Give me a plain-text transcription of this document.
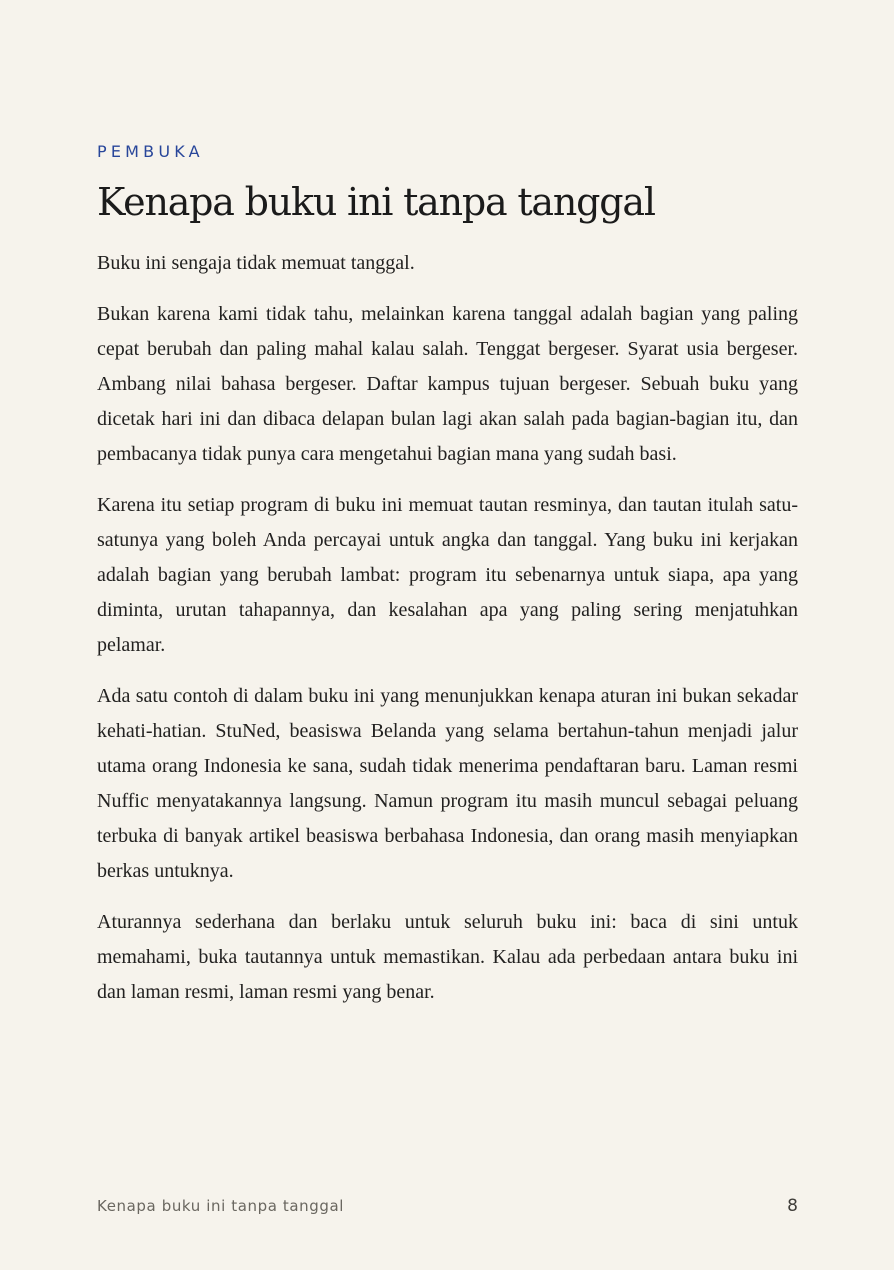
PEMBUKA
Kenapa buku ini tanpa tanggal

Buku ini sengaja tidak memuat tanggal.

Bukan karena kami tidak tahu, melainkan karena tanggal adalah bagian yang paling cepat berubah dan paling mahal kalau salah. Tenggat bergeser. Syarat usia bergeser. Ambang nilai bahasa bergeser. Daftar kampus tujuan bergeser. Sebuah buku yang dicetak hari ini dan dibaca delapan bulan lagi akan salah pada bagian-bagian itu, dan pembacanya tidak punya cara mengetahui bagian mana yang sudah basi.

Karena itu setiap program di buku ini memuat tautan resminya, dan tautan itulah satu-satunya yang boleh Anda percayai untuk angka dan tanggal. Yang buku ini kerjakan adalah bagian yang berubah lambat: program itu sebenarnya untuk siapa, apa yang diminta, urutan tahapannya, dan kesalahan apa yang paling sering menjatuhkan pelamar.

Ada satu contoh di dalam buku ini yang menunjukkan kenapa aturan ini bukan sekadar kehati-hatian. StuNed, beasiswa Belanda yang selama bertahun-tahun menjadi jalur utama orang Indonesia ke sana, sudah tidak menerima pendaftaran baru. Laman resmi Nuffic menyatakannya langsung. Namun program itu masih muncul sebagai peluang terbuka di banyak artikel beasiswa berbahasa Indonesia, dan orang masih menyiapkan berkas untuknya.

Aturannya sederhana dan berlaku untuk seluruh buku ini: baca di sini untuk memahami, buka tautannya untuk memastikan. Kalau ada perbedaan antara buku ini dan laman resmi, laman resmi yang benar.

Kenapa buku ini tanpa tanggal	8
